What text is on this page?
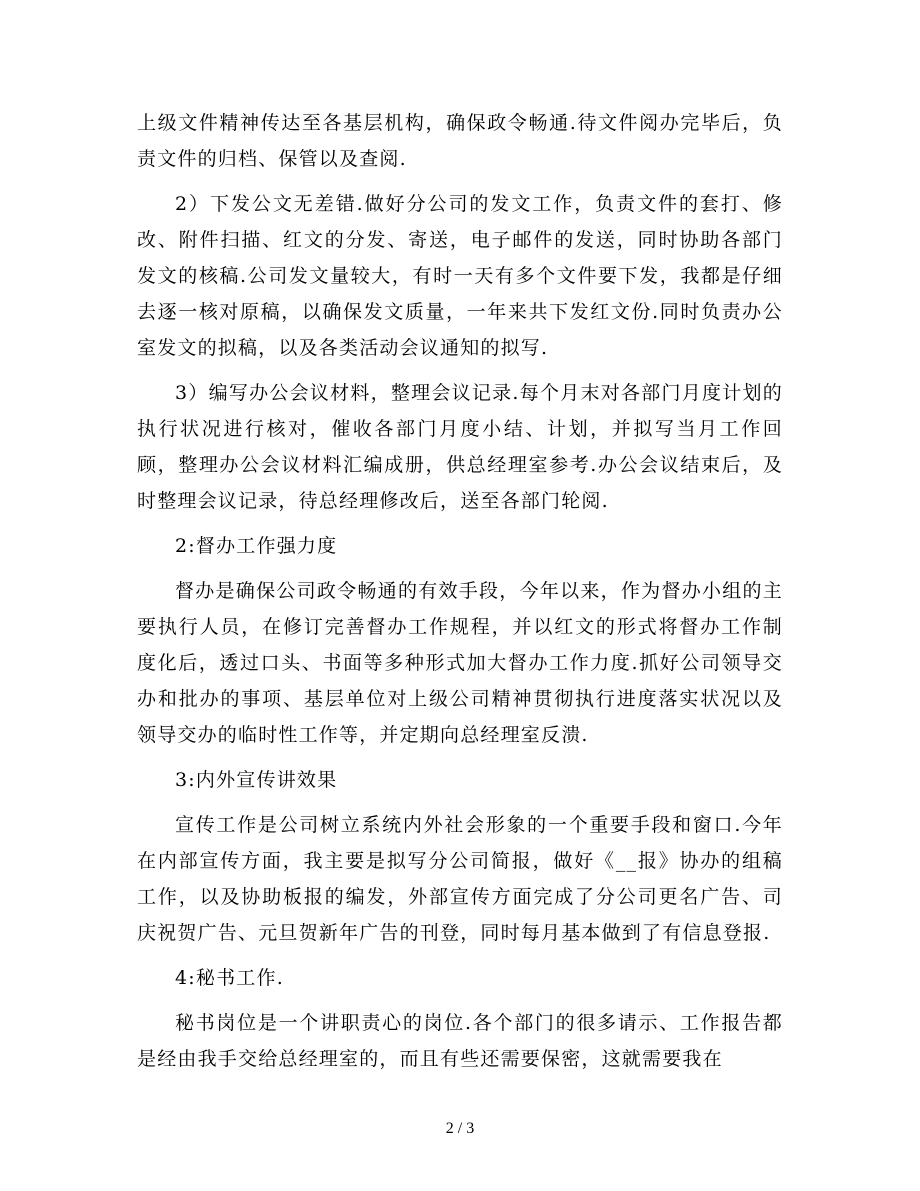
上级文件精神传达至各基层机构，确保政令畅通.待文件阅办完毕后，负责文件的归档、保管以及查阅.

2）下发公文无差错.做好分公司的发文工作，负责文件的套打、修改、附件扫描、红文的分发、寄送，电子邮件的发送，同时协助各部门发文的核稿.公司发文量较大，有时一天有多个文件要下发，我都是仔细去逐一核对原稿，以确保发文质量，一年来共下发红文份.同时负责办公室发文的拟稿，以及各类活动会议通知的拟写.

3）编写办公会议材料，整理会议记录.每个月末对各部门月度计划的执行状况进行核对，催收各部门月度小结、计划，并拟写当月工作回顾，整理办公会议材料汇编成册，供总经理室参考.办公会议结束后，及时整理会议记录，待总经理修改后，送至各部门轮阅.

2:督办工作强力度

督办是确保公司政令畅通的有效手段，今年以来，作为督办小组的主要执行人员，在修订完善督办工作规程，并以红文的形式将督办工作制度化后，透过口头、书面等多种形式加大督办工作力度.抓好公司领导交办和批办的事项、基层单位对上级公司精神贯彻执行进度落实状况以及领导交办的临时性工作等，并定期向总经理室反溃.

3:内外宣传讲效果

宣传工作是公司树立系统内外社会形象的一个重要手段和窗口.今年在内部宣传方面，我主要是拟写分公司简报，做好《__报》协办的组稿工作，以及协助板报的编发，外部宣传方面完成了分公司更名广告、司庆祝贺广告、元旦贺新年广告的刊登，同时每月基本做到了有信息登报.

4:秘书工作.

秘书岗位是一个讲职责心的岗位.各个部门的很多请示、工作报告都是经由我手交给总经理室的，而且有些还需要保密，这就需要我在

2 / 3
